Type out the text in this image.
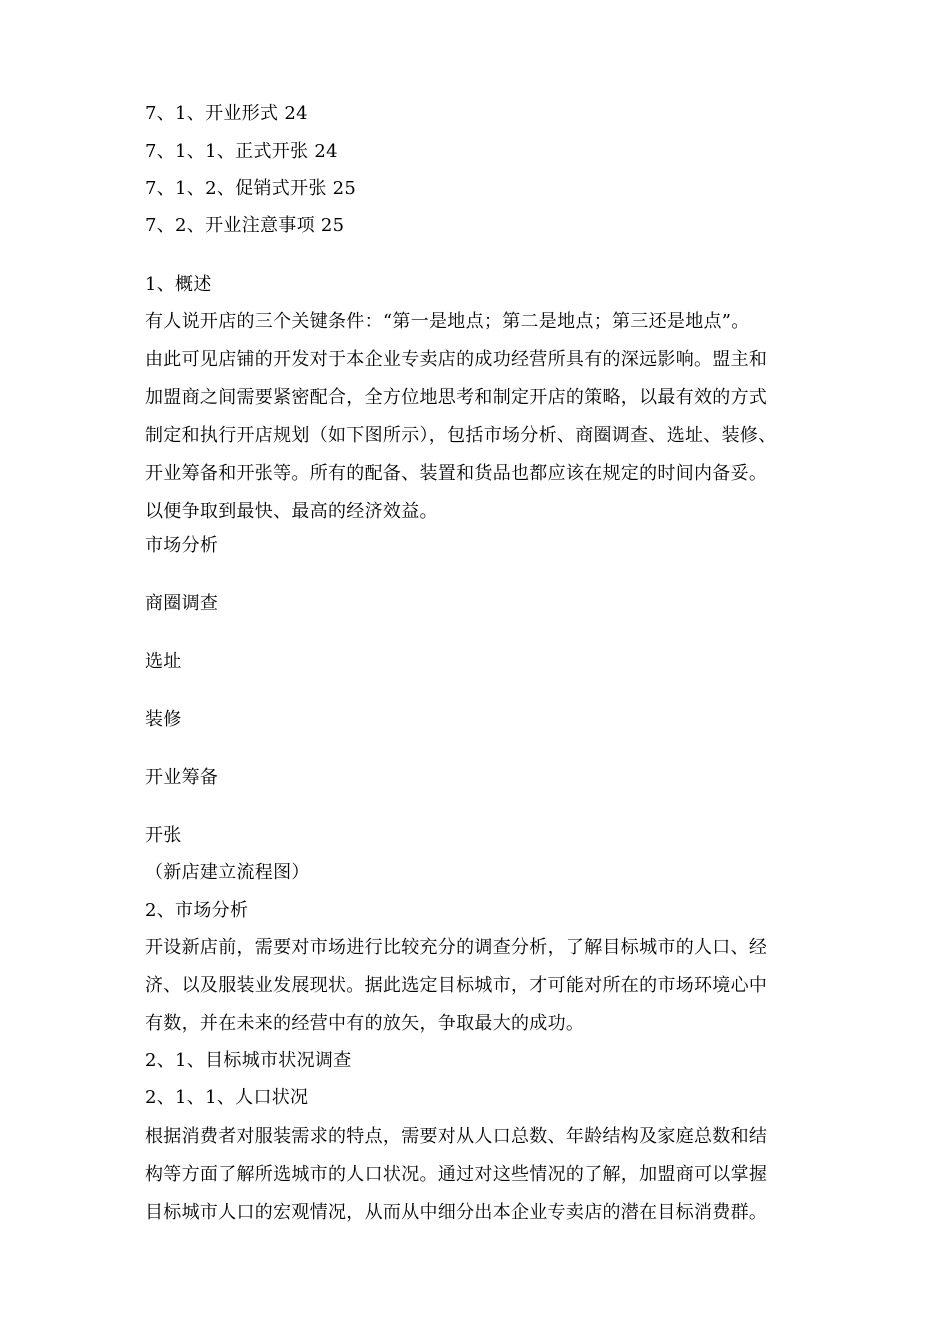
7、1、开业形式 24
7、1、1、正式开张 24
7、1、2、促销式开张 25
7、2、开业注意事项 25
1、概述

有人说开店的三个关键条件：“第一是地点；第二是地点；第三还是地点”。

由此可见店铺的开发对于本企业专卖店的成功经营所具有的深远影响。盟主和

加盟商之间需要紧密配合，全方位地思考和制定开店的策略，以最有效的方式

制定和执行开店规划（如下图所示），包括市场分析、商圈调查、选址、装修、

开业筹备和开张等。所有的配备、装置和货品也都应该在规定的时间内备妥。

以便争取到最快、最高的经济效益。

市场分析
商圈调查
选址
装修
开业筹备
开张
（新店建立流程图）
2、市场分析

开设新店前，需要对市场进行比较充分的调查分析，了解目标城市的人口、经

济、以及服装业发展现状。据此选定目标城市，才可能对所在的市场环境心中

有数，并在未来的经营中有的放矢，争取最大的成功。

2、1、目标城市状况调查
2、1、1、人口状况

根据消费者对服装需求的特点，需要对从人口总数、年龄结构及家庭总数和结

构等方面了解所选城市的人口状况。通过对这些情况的了解，加盟商可以掌握

目标城市人口的宏观情况，从而从中细分出本企业专卖店的潜在目标消费群。
